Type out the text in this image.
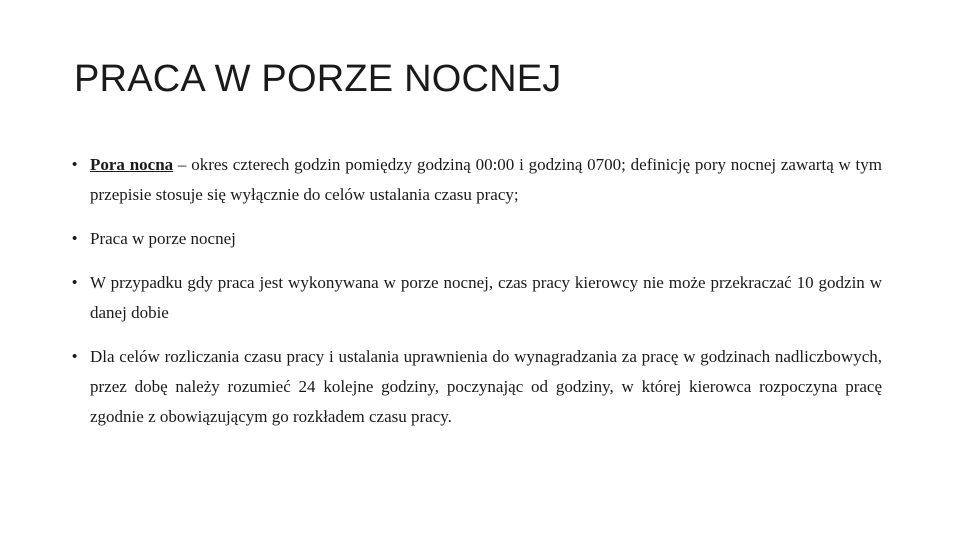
PRACA W PORZE NOCNEJ
• Pora nocna – okres czterech godzin pomiędzy godziną 00:00 i godziną 0700; definicję pory nocnej zawartą w tym przepisie stosuje się wyłącznie do celów ustalania czasu pracy;
• Praca w porze nocnej
• W przypadku gdy praca jest wykonywana w porze nocnej, czas pracy kierowcy nie może przekraczać 10 godzin w danej dobie
• Dla celów rozliczania czasu pracy i ustalania uprawnienia do wynagradzania za pracę w godzinach nadliczbowych, przez dobę należy rozumieć 24 kolejne godziny, poczynając od godziny, w której kierowca rozpoczyna pracę zgodnie z obowiązującym go rozkładem czasu pracy.
